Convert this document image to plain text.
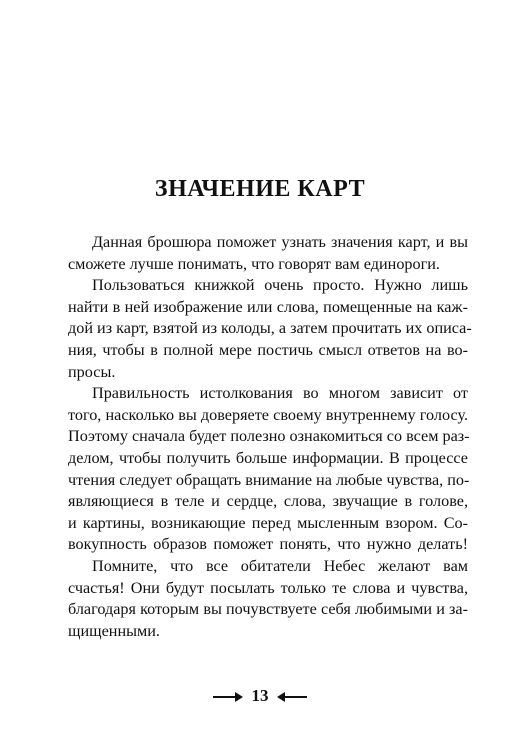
ЗНАЧЕНИЕ КАРТ
Данная брошюра поможет узнать значения карт, и вы
сможете лучше понимать, что говорят вам единороги.
Пользоваться книжкой очень просто. Нужно лишь
найти в ней изображение или слова, помещенные на каж-
дой из карт, взятой из колоды, а затем прочитать их описа-
ния, чтобы в полной мере постичь смысл ответов на во-
просы.
Правильность истолкования во многом зависит от
того, насколько вы доверяете своему внутреннему голосу.
Поэтому сначала будет полезно ознакомиться со всем раз-
делом, чтобы получить больше информации. В процессе
чтения следует обращать внимание на любые чувства, по-
являющиеся в теле и сердце, слова, звучащие в голове,
и картины, возникающие перед мысленным взором. Со-
вокупность образов поможет понять, что нужно делать!
Помните, что все обитатели Небес желают вам
счастья! Они будут посылать только те слова и чувства,
благодаря которым вы почувствуете себя любимыми и за-
щищенными.
13
